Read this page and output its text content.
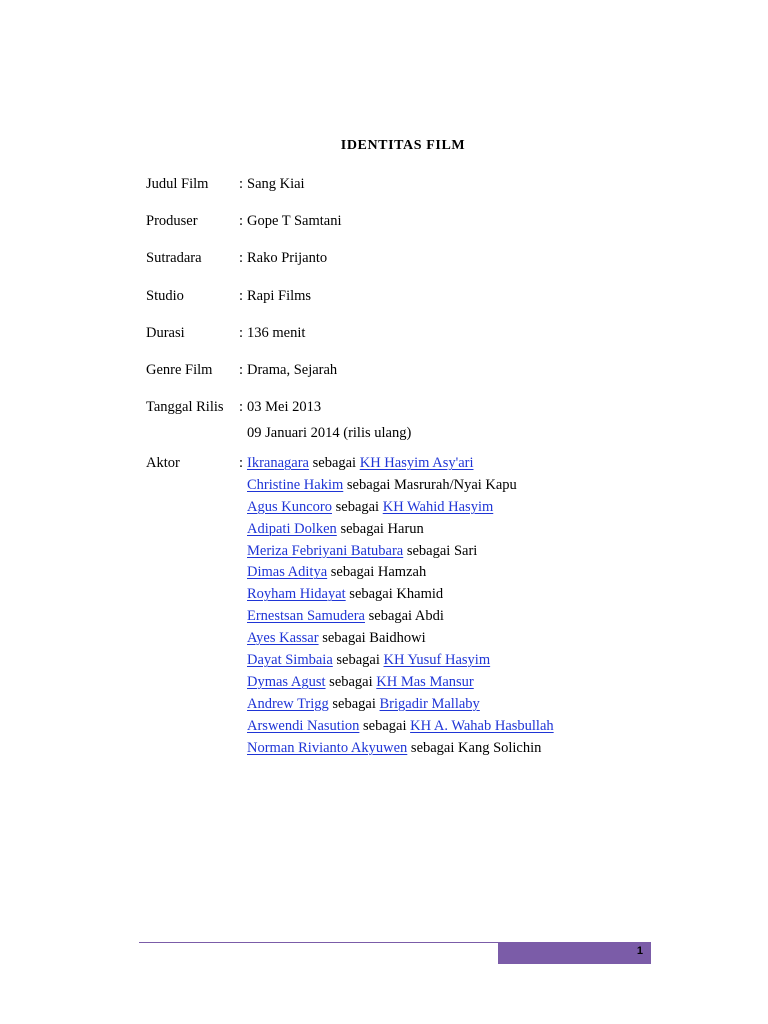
IDENTITAS FILM
Judul Film : Sang Kiai
Produser	: Gope T Samtani
Sutradara	: Rako Prijanto
Studio	: Rapi Films
Durasi	: 136 menit
Genre Film : Drama, Sejarah
Tanggal Rilis : 03 Mei 2013
09 Januari 2014 (rilis ulang)
Aktor	: Ikranagara sebagai KH Hasyim Asy'ari
Christine Hakim sebagai Masrurah/Nyai Kapu
Agus Kuncoro sebagai KH Wahid Hasyim
Adipati Dolken sebagai Harun
Meriza Febriyani Batubara sebagai Sari
Dimas Aditya sebagai Hamzah
Royham Hidayat sebagai Khamid
Ernestsan Samudera sebagai Abdi
Ayes Kassar sebagai Baidhowi
Dayat Simbaia sebagai KH Yusuf Hasyim
Dymas Agust sebagai KH Mas Mansur
Andrew Trigg sebagai Brigadir Mallaby
Arswendi Nasution sebagai KH A. Wahab Hasbullah
Norman Rivianto Akyuwen sebagai Kang Solichin
1
